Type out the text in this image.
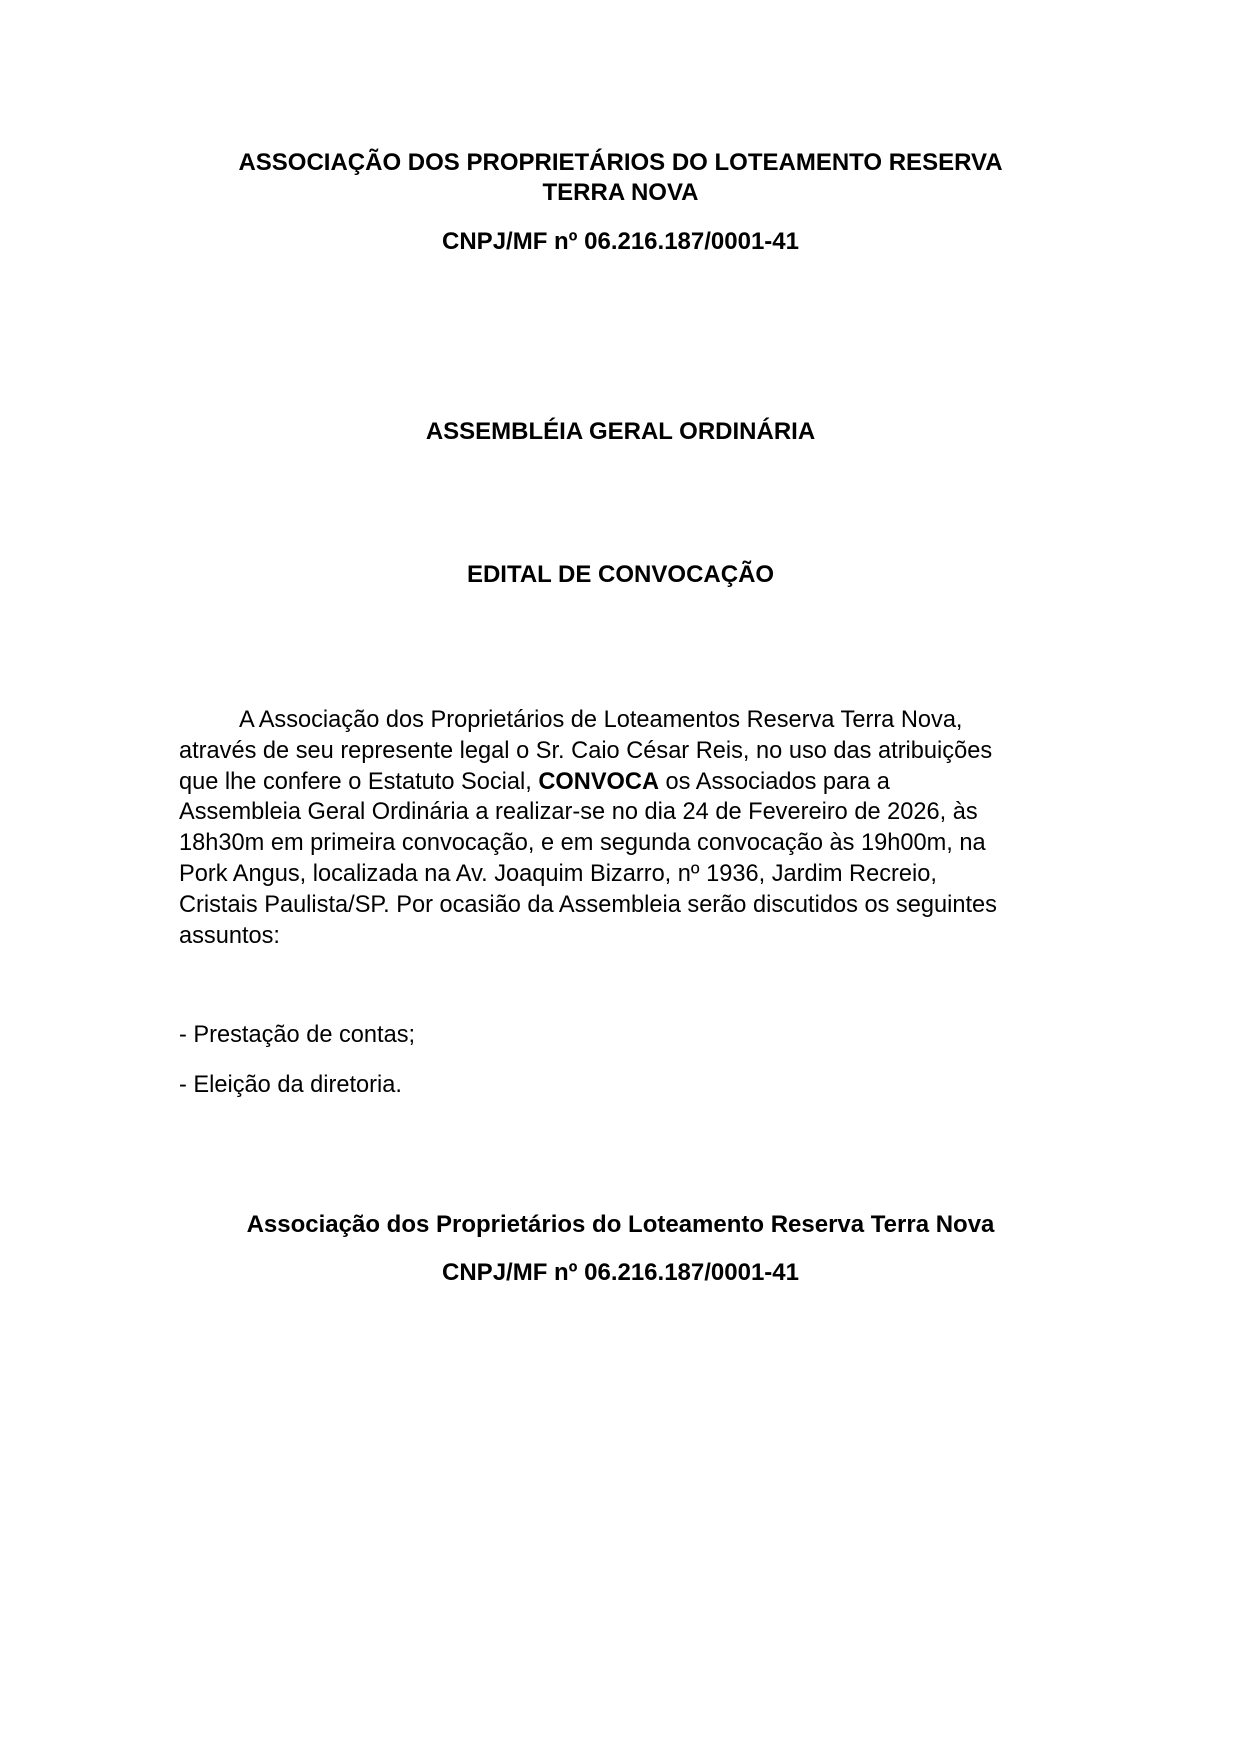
ASSOCIAÇÃO DOS PROPRIETÁRIOS DO LOTEAMENTO RESERVA
TERRA NOVA
CNPJ/MF nº 06.216.187/0001-41
ASSEMBLÉIA GERAL ORDINÁRIA
EDITAL DE CONVOCAÇÃO
A Associação dos Proprietários de Loteamentos Reserva Terra Nova,
através de seu represente legal o Sr. Caio César Reis, no uso das atribuições
que lhe confere o Estatuto Social, CONVOCA os Associados para a
Assembleia Geral Ordinária a realizar-se no dia 24 de Fevereiro de 2026, às
18h30m em primeira convocação, e em segunda convocação às 19h00m, na
Pork Angus, localizada na Av. Joaquim Bizarro, nº 1936, Jardim Recreio,
Cristais Paulista/SP. Por ocasião da Assembleia serão discutidos os seguintes
assuntos:
- Prestação de contas;
- Eleição da diretoria.
Associação dos Proprietários do Loteamento Reserva Terra Nova
CNPJ/MF nº 06.216.187/0001-41
